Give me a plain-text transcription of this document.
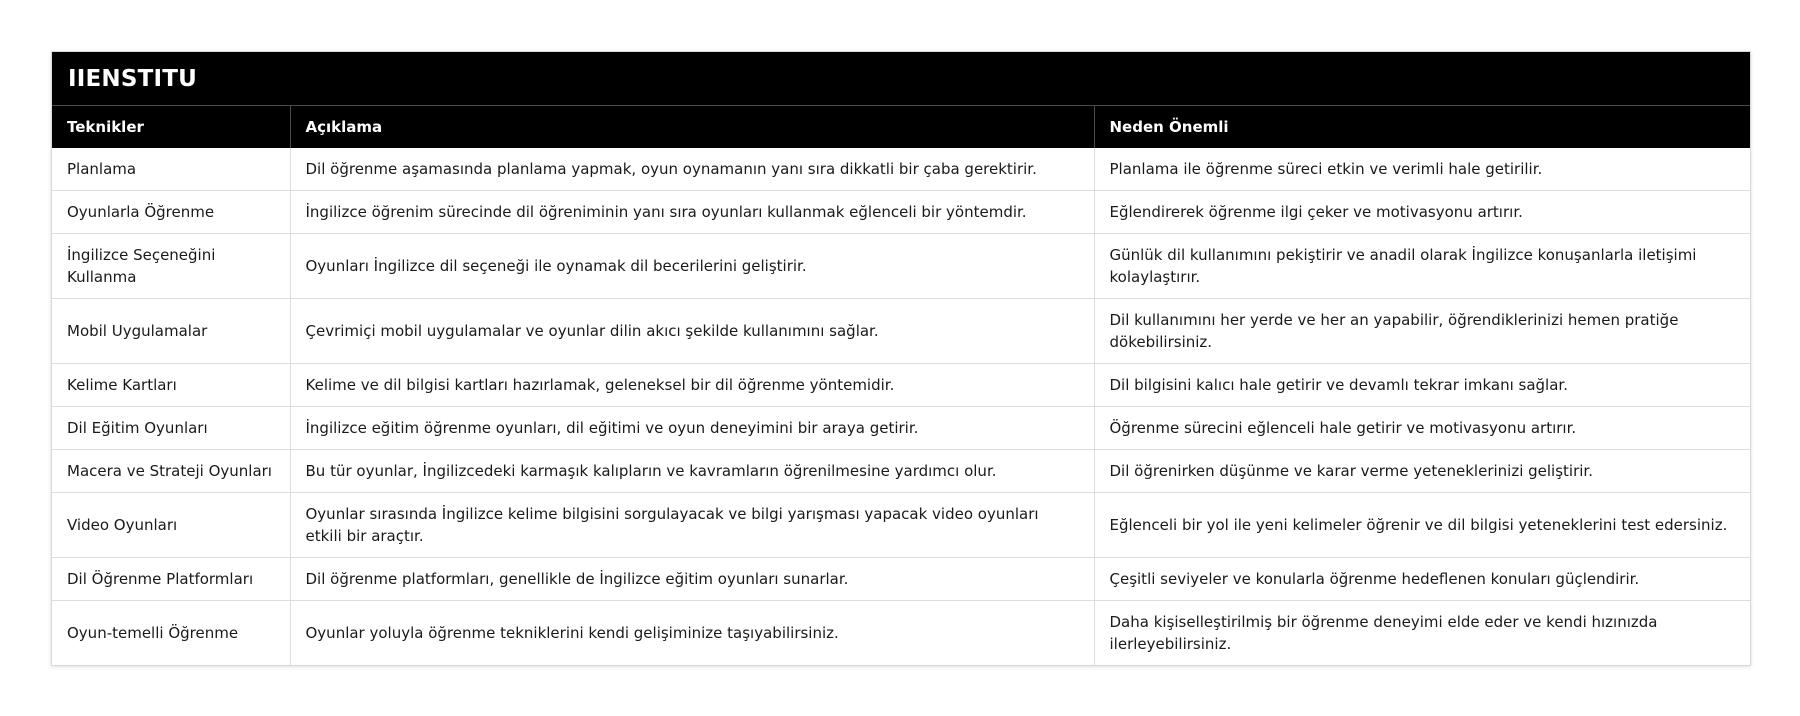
IIENSTITU
Teknikler	Açıklama	Neden Önemli
Planlama	Dil öğrenme aşamasında planlama yapmak, oyun oynamanın yanı sıra dikkatli bir çaba gerektirir.	Planlama ile öğrenme süreci etkin ve verimli hale getirilir.
Oyunlarla Öğrenme	İngilizce öğrenim sürecinde dil öğreniminin yanı sıra oyunları kullanmak eğlenceli bir yöntemdir.	Eğlendirerek öğrenme ilgi çeker ve motivasyonu artırır.
İngilizce Seçeneğini Kullanma	Oyunları İngilizce dil seçeneği ile oynamak dil becerilerini geliştirir.	Günlük dil kullanımını pekiştirir ve anadil olarak İngilizce konuşanlarla iletişimi kolaylaştırır.
Mobil Uygulamalar	Çevrimiçi mobil uygulamalar ve oyunlar dilin akıcı şekilde kullanımını sağlar.	Dil kullanımını her yerde ve her an yapabilir, öğrendiklerinizi hemen pratiğe dökebilirsiniz.
Kelime Kartları	Kelime ve dil bilgisi kartları hazırlamak, geleneksel bir dil öğrenme yöntemidir.	Dil bilgisini kalıcı hale getirir ve devamlı tekrar imkanı sağlar.
Dil Eğitim Oyunları	İngilizce eğitim öğrenme oyunları, dil eğitimi ve oyun deneyimini bir araya getirir.	Öğrenme sürecini eğlenceli hale getirir ve motivasyonu artırır.
Macera ve Strateji Oyunları	Bu tür oyunlar, İngilizcedeki karmaşık kalıpların ve kavramların öğrenilmesine yardımcı olur.	Dil öğrenirken düşünme ve karar verme yeteneklerinizi geliştirir.
Video Oyunları	Oyunlar sırasında İngilizce kelime bilgisini sorgulayacak ve bilgi yarışması yapacak video oyunları etkili bir araçtır.	Eğlenceli bir yol ile yeni kelimeler öğrenir ve dil bilgisi yeteneklerini test edersiniz.
Dil Öğrenme Platformları	Dil öğrenme platformları, genellikle de İngilizce eğitim oyunları sunarlar.	Çeşitli seviyeler ve konularla öğrenme hedeflenen konuları güçlendirir.
Oyun-temelli Öğrenme	Oyunlar yoluyla öğrenme tekniklerini kendi gelişiminize taşıyabilirsiniz.	Daha kişiselleştirilmiş bir öğrenme deneyimi elde eder ve kendi hızınızda ilerleyebilirsiniz.
